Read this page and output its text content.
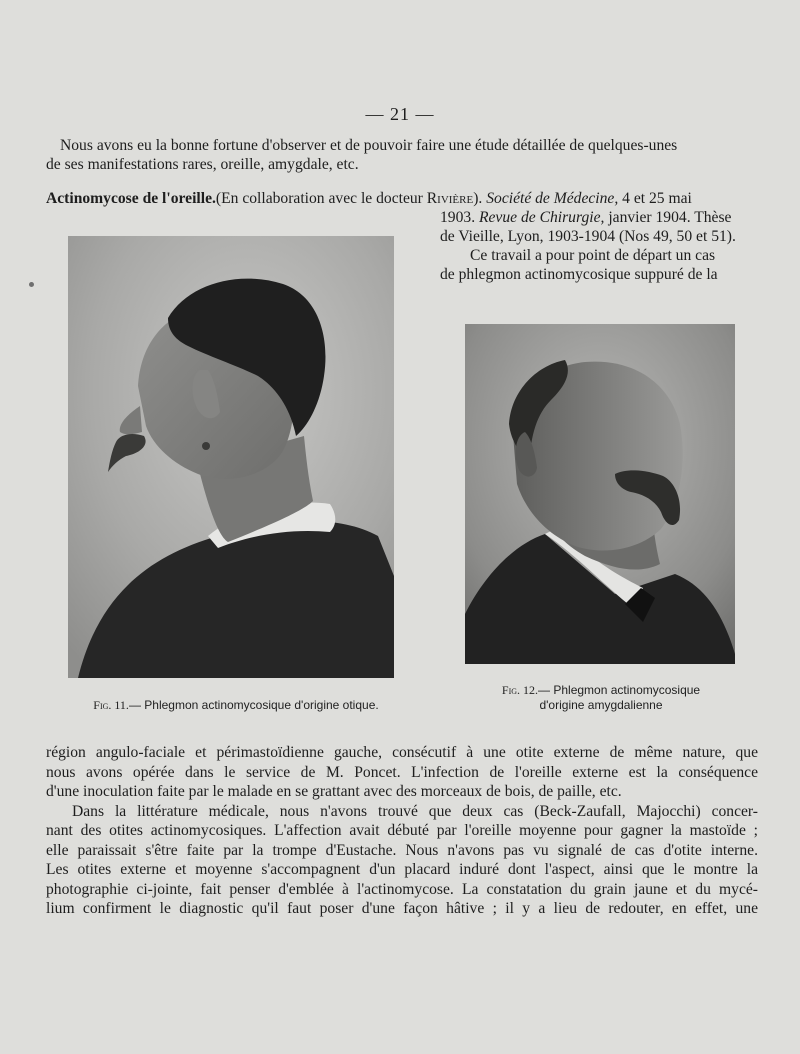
— 21 —
Nous avons eu la bonne fortune d'observer et de pouvoir faire une étude détaillée de quelques-unes
de ses manifestations rares, oreille, amygdale, etc.
Actinomycose de l'oreille.(En collaboration avec le docteur Rivière). Société de Médecine, 4 et 25 mai
1903. Revue de Chirurgie, janvier 1904. Thèse
de Vieille, Lyon, 1903-1904 (Nos 49, 50 et 51).
Ce travail a pour point de départ un cas
de phlegmon actinomycosique suppuré de la
Fig. 11.— Phlegmon actinomycosique d'origine otique.
Fig. 12.— Phlegmon actinomycosique
d'origine amygdalienne
région angulo-faciale et périmastoïdienne gauche, consécutif à une otite externe de même nature, que
nous avons opérée dans le service de M. Poncet. L'infection de l'oreille externe est la conséquence
d'une inoculation faite par le malade en se grattant avec des morceaux de bois, de paille, etc.
Dans la littérature médicale, nous n'avons trouvé que deux cas (Beck-Zaufall, Majocchi) concer-
nant des otites actinomycosiques. L'affection avait débuté par l'oreille moyenne pour gagner la mastoïde ;
elle paraissait s'être faite par la trompe d'Eustache. Nous n'avons pas vu signalé de cas d'otite interne.
Les otites externe et moyenne s'accompagnent d'un placard induré dont l'aspect, ainsi que le montre la
photographie ci-jointe, fait penser d'emblée à l'actinomycose. La constatation du grain jaune et du mycé-
lium confirment le diagnostic qu'il faut poser d'une façon hâtive ; il y a lieu de redouter, en effet, une
